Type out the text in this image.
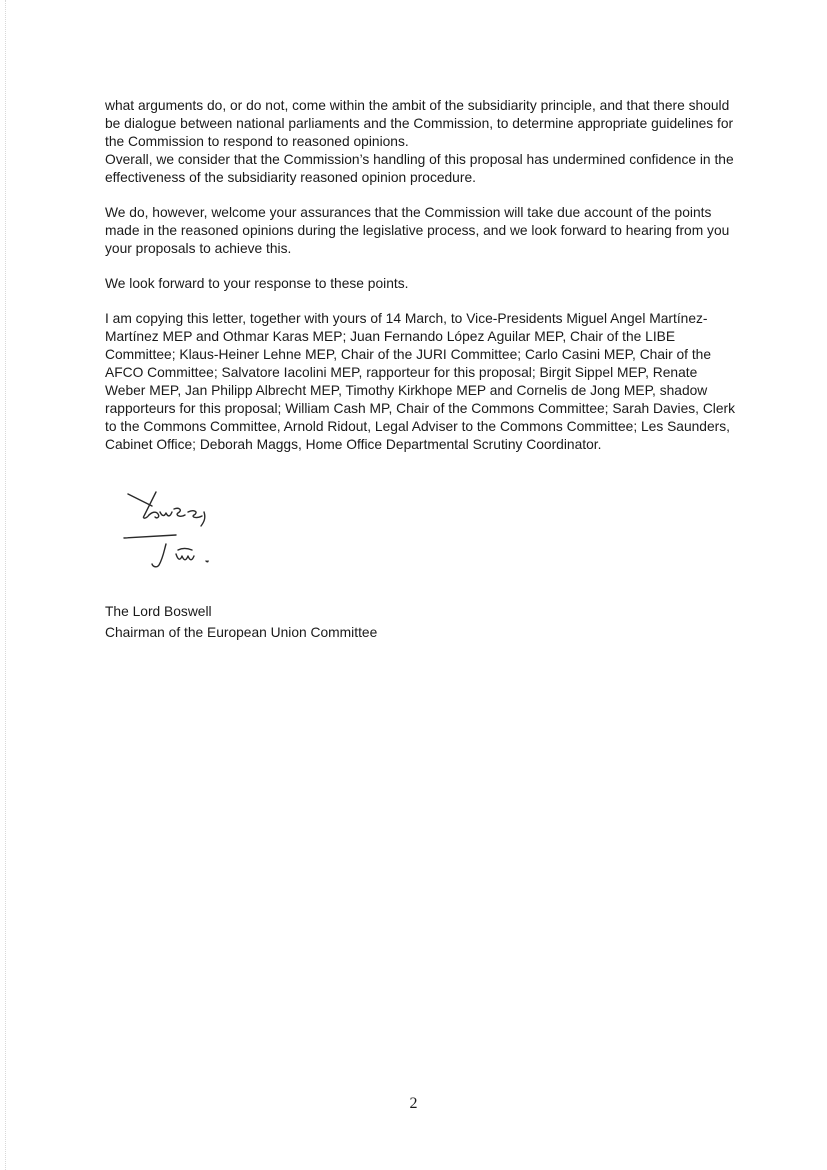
what arguments do, or do not, come within the ambit of the subsidiarity principle, and that there should be dialogue between national parliaments and the Commission, to determine appropriate guidelines for the Commission to respond to reasoned opinions.

Overall, we consider that the Commission’s handling of this proposal has undermined confidence in the effectiveness of the subsidiarity reasoned opinion procedure.

We do, however, welcome your assurances that the Commission will take due account of the points made in the reasoned opinions during the legislative process, and we look forward to hearing from you your proposals to achieve this.

We look forward to your response to these points.

I am copying this letter, together with yours of 14 March, to Vice-Presidents Miguel Angel Martínez-Martínez MEP and Othmar Karas MEP; Juan Fernando López Aguilar MEP, Chair of the LIBE Committee; Klaus-Heiner Lehne MEP, Chair of the JURI Committee; Carlo Casini MEP, Chair of the AFCO Committee; Salvatore Iacolini MEP, rapporteur for this proposal; Birgit Sippel MEP, Renate Weber MEP, Jan Philipp Albrecht MEP, Timothy Kirkhope MEP and Cornelis de Jong MEP, shadow rapporteurs for this proposal; William Cash MP, Chair of the Commons Committee; Sarah Davies, Clerk to the Commons Committee, Arnold Ridout, Legal Adviser to the Commons Committee; Les Saunders, Cabinet Office; Deborah Maggs, Home Office Departmental Scrutiny Coordinator.

The Lord Boswell
Chairman of the European Union Committee
2
